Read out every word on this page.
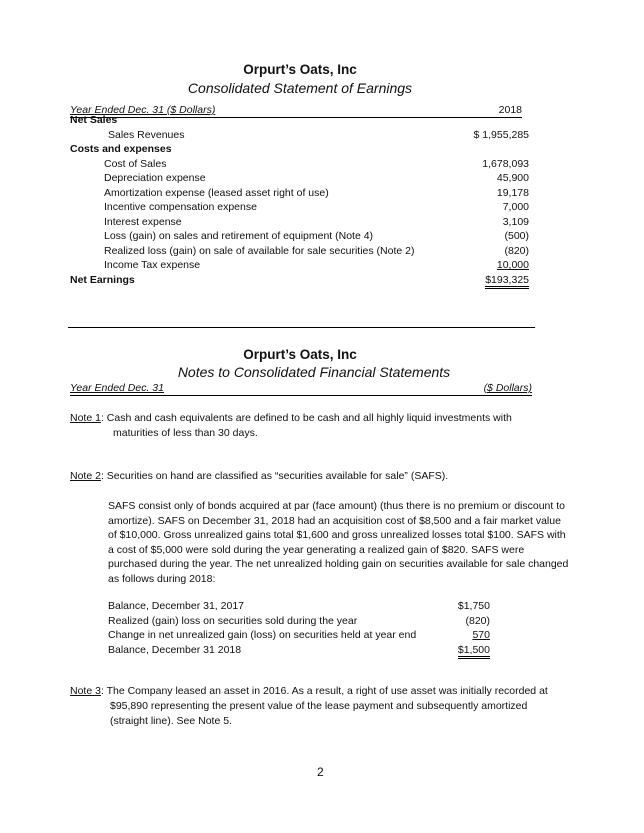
Orpurt’s Oats, Inc
Consolidated Statement of Earnings
Year Ended Dec. 31 ($ Dollars)	2018
Net Sales
Sales Revenues	$ 1,955,285
Costs and expenses
Cost of Sales	1,678,093
Depreciation expense	45,900
Amortization expense (leased asset right of use)	19,178
Incentive compensation expense	7,000
Interest expense	3,109
Loss (gain) on sales and retirement of equipment (Note 4)	(500)
Realized loss (gain) on sale of available for sale securities (Note 2)	(820)
Income Tax expense	10,000
Net Earnings	$193,325
Orpurt’s Oats, Inc
Notes to Consolidated Financial Statements
Year Ended Dec. 31	($ Dollars)
Note 1: Cash and cash equivalents are defined to be cash and all highly liquid investments with
maturities of less than 30 days.
Note 2: Securities on hand are classified as “securities available for sale” (SAFS).
SAFS consist only of bonds acquired at par (face amount) (thus there is no premium or discount to amortize). SAFS on December 31, 2018 had an acquisition cost of $8,500 and a fair market value of $10,000. Gross unrealized gains total $1,600 and gross unrealized losses total $100. SAFS with a cost of $5,000 were sold during the year generating a realized gain of $820. SAFS were purchased during the year. The net unrealized holding gain on securities available for sale changed as follows during 2018:
Balance, December 31, 2017	$1,750
Realized (gain) loss on securities sold during the year	(820)
Change in net unrealized gain (loss) on securities held at year end	570
Balance, December 31 2018	$1,500
Note 3: The Company leased an asset in 2016. As a result, a right of use asset was initially recorded at
$95,890 representing the present value of the lease payment and subsequently amortized
(straight line). See Note 5.
2
